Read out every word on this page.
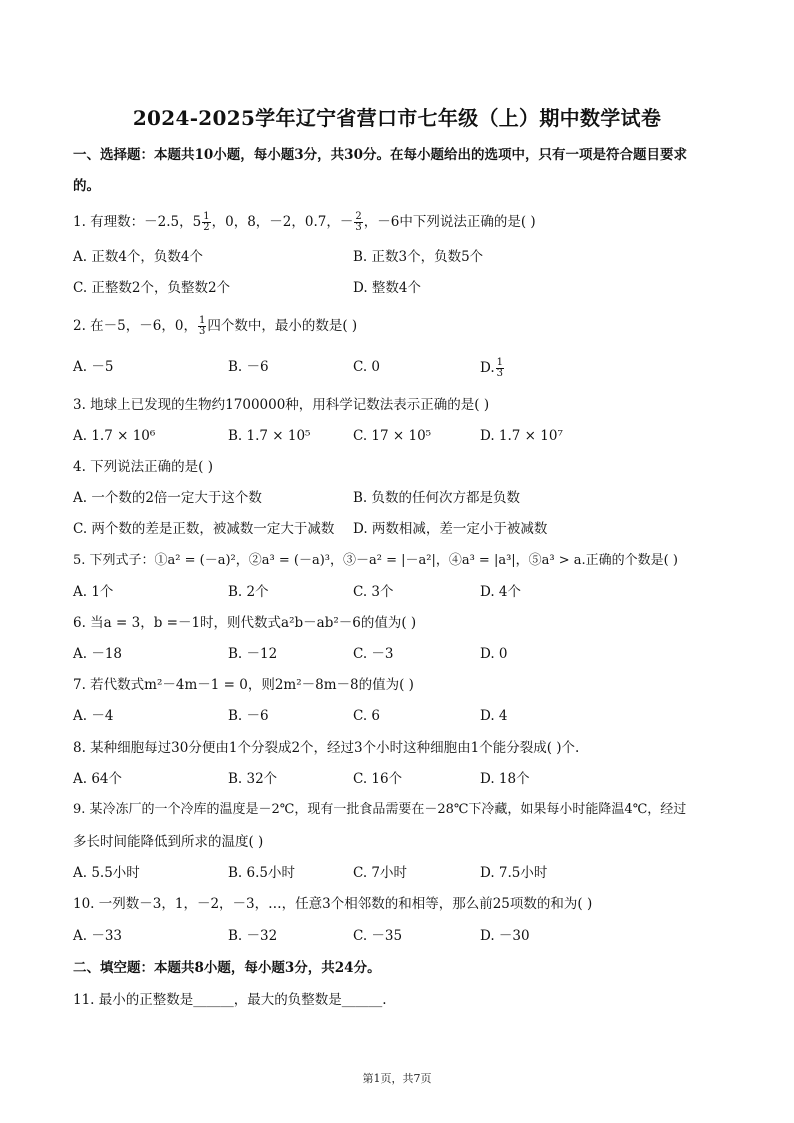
2024-2025学年辽宁省营口市七年级（上）期中数学试卷
一、选择题：本题共10小题，每小题3分，共30分。在每小题给出的选项中，只有一项是符合题目要求
的。
1. 有理数：－2.5，$5 \frac{1}{2}$ ，0，8，－2，0.7，－ $\frac{2}{3}$ ，－6中下列说法正确的是( )
A. 正数4个，负数4个	B. 正数3个，负数5个
C. 正整数2个，负整数2个	D. 整数4个
2. 在－5，－6，0， $\frac{1}{3}$ 四个数中，最小的数是( )
A. －5	B. －6	C. 0	D. $\frac{1}{3}$
3. 地球上已发现的生物约1700000种，用科学记数法表示正确的是( )
A. 1.7 × 10⁶	B. 1.7 × 10⁵	C. 17 × 10⁵	D. 1.7 × 10⁷
4. 下列说法正确的是( )
A. 一个数的2倍一定大于这个数	B. 负数的任何次方都是负数
C. 两个数的差是正数，被减数一定大于减数 D. 两数相减，差一定小于被减数
5. 下列式子：①a² = (－a)²，②a³ = (－a)³，③－a² = |－a²|，④a³ = |a³|，⑤a³ > a.正确的个数是( )
A. 1个	B. 2个	C. 3个	D. 4个
6. 当a = 3，b =－1时，则代数式a²b－ab²－6的值为( )
A. －18	B. －12	C. －3	D. 0
7. 若代数式m²－4m－1 = 0，则2m²－8m－8的值为( )
A. －4	B. －6	C. 6	D. 4
8. 某种细胞每过30分便由1个分裂成2个，经过3个小时这种细胞由1个能分裂成( )个.
A. 64个	B. 32个	C. 16个	D. 18个
9. 某冷冻厂的一个冷库的温度是－2℃，现有一批食品需要在－28℃下冷藏，如果每小时能降温4℃，经过
多长时间能降低到所求的温度( )
A. 5.5小时	B. 6.5小时	C. 7小时	D. 7.5小时
10. 一列数－3，1，－2，－3，…，任意3个相邻数的和相等，那么前25项数的和为( )
A. －33	B. －32	C. －35	D. －30
二、填空题：本题共8小题，每小题3分，共24分。
11. 最小的正整数是______，最大的负整数是______.
第1页，共7页
